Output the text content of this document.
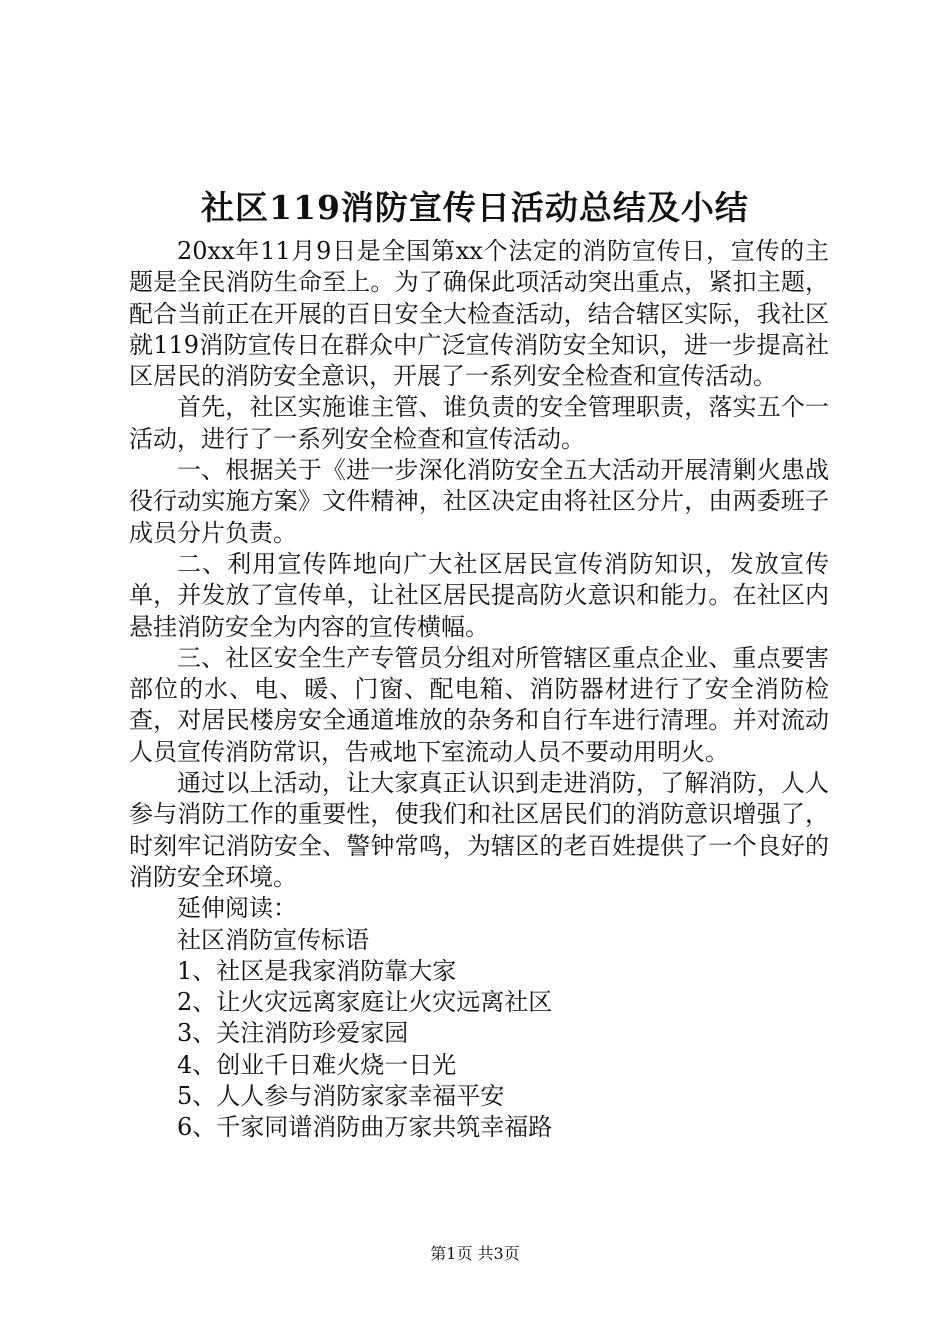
社区119消防宣传日活动总结及小结

20xx年11月9日是全国第xx个法定的消防宣传日，宣传的主题是全民消防生命至上。为了确保此项活动突出重点，紧扣主题，配合当前正在开展的百日安全大检查活动，结合辖区实际，我社区就119消防宣传日在群众中广泛宣传消防安全知识，进一步提高社区居民的消防安全意识，开展了一系列安全检查和宣传活动。

首先，社区实施谁主管、谁负责的安全管理职责，落实五个一活动，进行了一系列安全检查和宣传活动。

一、根据关于《进一步深化消防安全五大活动开展清剿火患战役行动实施方案》文件精神，社区决定由将社区分片，由两委班子成员分片负责。

二、利用宣传阵地向广大社区居民宣传消防知识，发放宣传单，并发放了宣传单，让社区居民提高防火意识和能力。在社区内悬挂消防安全为内容的宣传横幅。

三、社区安全生产专管员分组对所管辖区重点企业、重点要害部位的水、电、暖、门窗、配电箱、消防器材进行了安全消防检查，对居民楼房安全通道堆放的杂务和自行车进行清理。并对流动人员宣传消防常识，告戒地下室流动人员不要动用明火。

通过以上活动，让大家真正认识到走进消防，了解消防，人人参与消防工作的重要性，使我们和社区居民们的消防意识增强了，时刻牢记消防安全、警钟常鸣，为辖区的老百姓提供了一个良好的消防安全环境。

延伸阅读：

社区消防宣传标语

1、社区是我家消防靠大家

2、让火灾远离家庭让火灾远离社区

3、关注消防珍爱家园

4、创业千日难火烧一日光

5、人人参与消防家家幸福平安

6、千家同谱消防曲万家共筑幸福路

第1页 共3页
